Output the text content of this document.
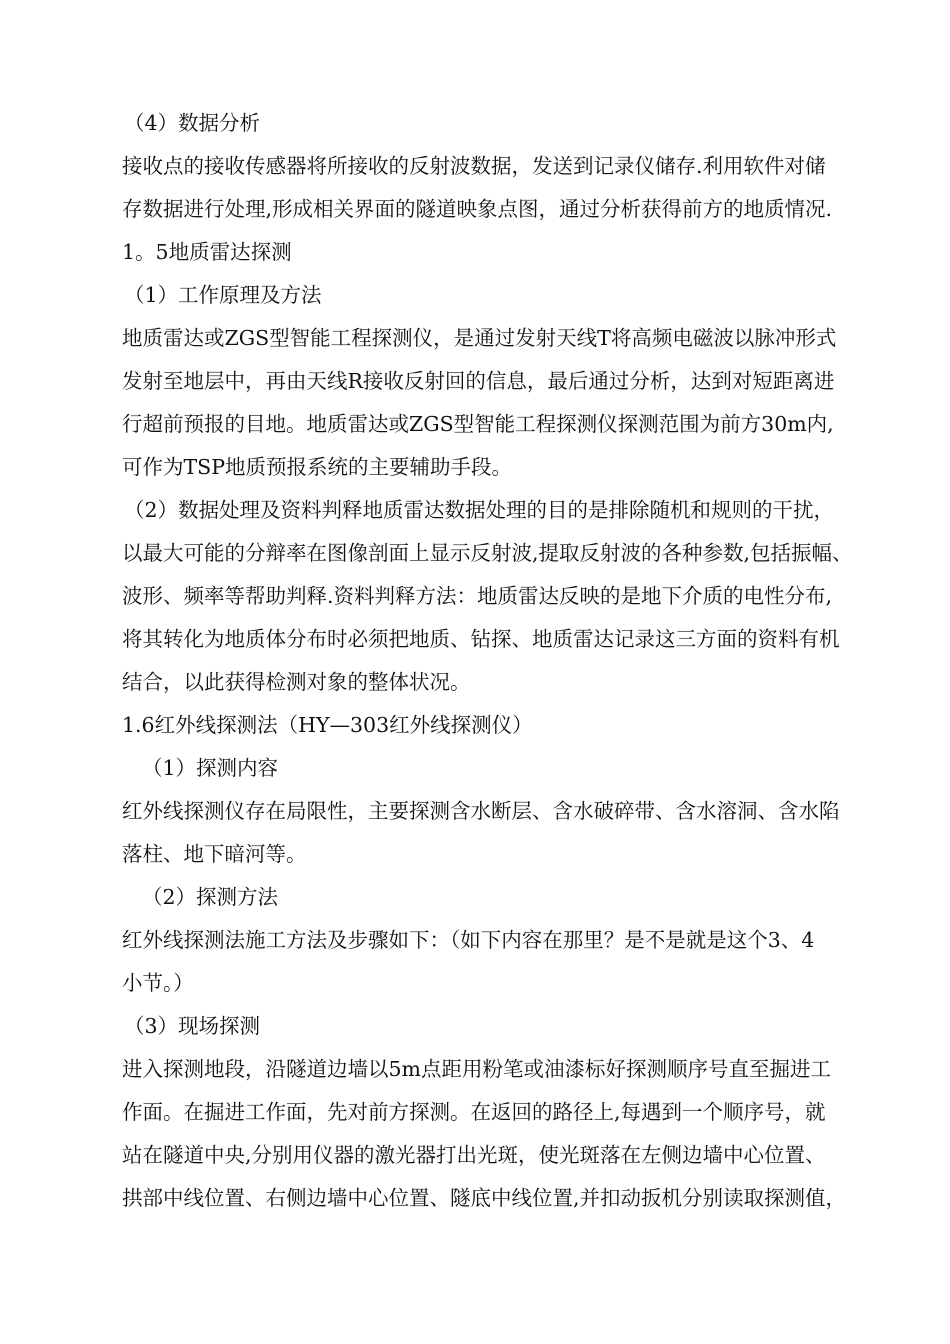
（4）数据分析
接收点的接收传感器将所接收的反射波数据，发送到记录仪储存.利用软件对储
存数据进行处理,形成相关界面的隧道映象点图，通过分析获得前方的地质情况.
1。5地质雷达探测
（1）工作原理及方法
地质雷达或ZGS型智能工程探测仪，是通过发射天线T将高频电磁波以脉冲形式
发射至地层中，再由天线R接收反射回的信息，最后通过分析，达到对短距离进
行超前预报的目地。地质雷达或ZGS型智能工程探测仪探测范围为前方30m内,
可作为TSP地质预报系统的主要辅助手段。
（2）数据处理及资料判释地质雷达数据处理的目的是排除随机和规则的干扰，
以最大可能的分辩率在图像剖面上显示反射波,提取反射波的各种参数,包括振幅、
波形、频率等帮助判释.资料判释方法：地质雷达反映的是地下介质的电性分布,
将其转化为地质体分布时必须把地质、钻探、地质雷达记录这三方面的资料有机
结合，以此获得检测对象的整体状况。
1.6红外线探测法（HY—303红外线探测仪）
（1）探测内容
红外线探测仪存在局限性，主要探测含水断层、含水破碎带、含水溶洞、含水陷
落柱、地下暗河等。
（2）探测方法
红外线探测法施工方法及步骤如下：（如下内容在那里？是不是就是这个3、4
小节。）
（3）现场探测
进入探测地段，沿隧道边墙以5m点距用粉笔或油漆标好探测顺序号直至掘进工
作面。在掘进工作面，先对前方探测。在返回的路径上,每遇到一个顺序号，就
站在隧道中央,分别用仪器的激光器打出光斑，使光斑落在左侧边墙中心位置、
拱部中线位置、右侧边墙中心位置、隧底中线位置,并扣动扳机分别读取探测值，
